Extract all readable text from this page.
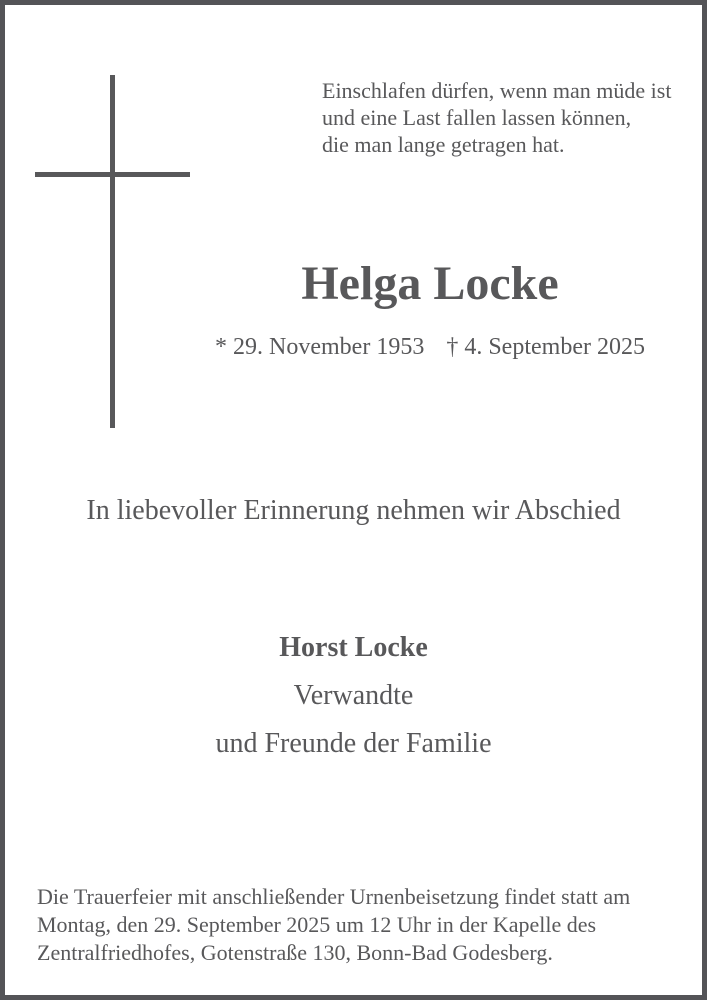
Einschlafen dürfen, wenn man müde ist
und eine Last fallen lassen können,
die man lange getragen hat.
Helga Locke
* 29. November 1953 † 4. September 2025
In liebevoller Erinnerung nehmen wir Abschied
Horst Locke
Verwandte
und Freunde der Familie
Die Trauerfeier mit anschließender Urnenbeisetzung findet statt am
Montag, den 29. September 2025 um 12 Uhr in der Kapelle des
Zentralfriedhofes, Gotenstraße 130, Bonn-Bad Godesberg.
